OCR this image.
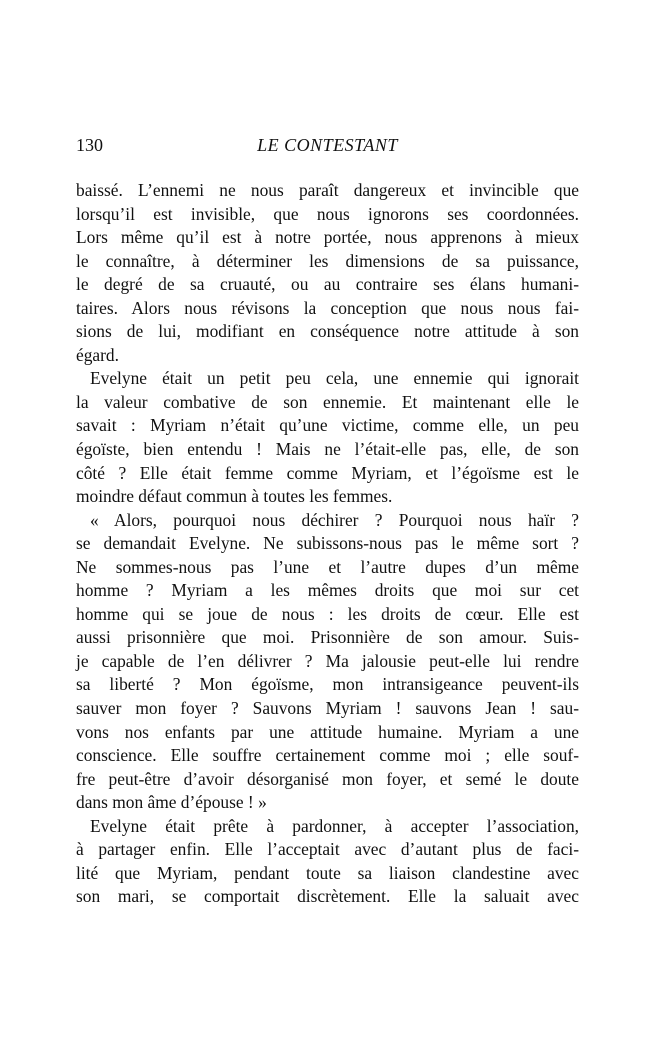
130	LE CONTESTANT
baissé. L’ennemi ne nous paraît dangereux et invincible que
lorsqu’il est invisible, que nous ignorons ses coordonnées.
Lors même qu’il est à notre portée, nous apprenons à mieux
le connaître, à déterminer les dimensions de sa puissance,
le degré de sa cruauté, ou au contraire ses élans humani-
taires. Alors nous révisons la conception que nous nous fai-
sions de lui, modifiant en conséquence notre attitude à son
égard.
Evelyne était un petit peu cela, une ennemie qui ignorait
la valeur combative de son ennemie. Et maintenant elle le
savait : Myriam n’était qu’une victime, comme elle, un peu
égoïste, bien entendu ! Mais ne l’était-elle pas, elle, de son
côté ? Elle était femme comme Myriam, et l’égoïsme est le
moindre défaut commun à toutes les femmes.
« Alors, pourquoi nous déchirer ? Pourquoi nous haïr ?
se demandait Evelyne. Ne subissons-nous pas le même sort ?
Ne sommes-nous pas l’une et l’autre dupes d’un même
homme ? Myriam a les mêmes droits que moi sur cet
homme qui se joue de nous : les droits de cœur. Elle est
aussi prisonnière que moi. Prisonnière de son amour. Suis-
je capable de l’en délivrer ? Ma jalousie peut-elle lui rendre
sa liberté ? Mon égoïsme, mon intransigeance peuvent-ils
sauver mon foyer ? Sauvons Myriam ! sauvons Jean ! sau-
vons nos enfants par une attitude humaine. Myriam a une
conscience. Elle souffre certainement comme moi ; elle souf-
fre peut-être d’avoir désorganisé mon foyer, et semé le doute
dans mon âme d’épouse ! »
Evelyne était prête à pardonner, à accepter l’association,
à partager enfin. Elle l’acceptait avec d’autant plus de faci-
lité que Myriam, pendant toute sa liaison clandestine avec
son mari, se comportait discrètement. Elle la saluait avec
